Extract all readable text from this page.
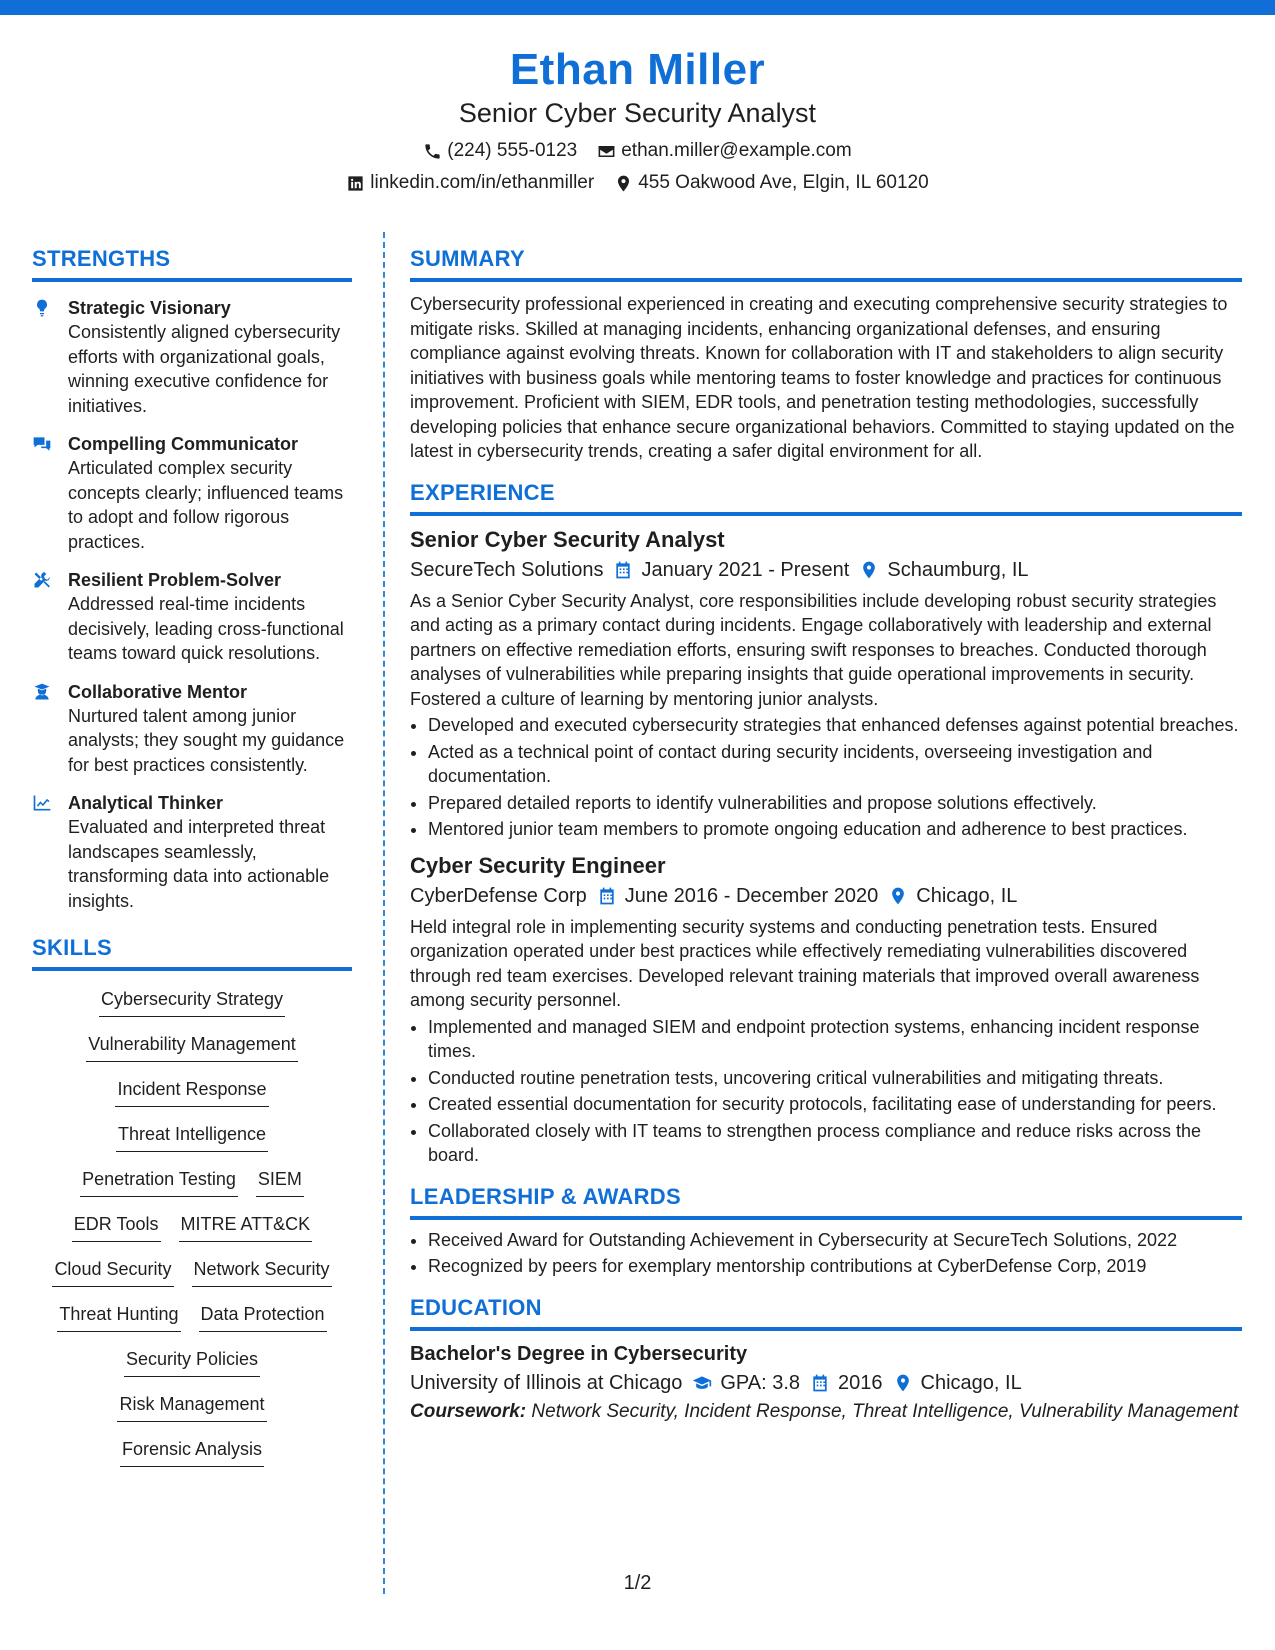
Ethan Miller
Senior Cyber Security Analyst
(224) 555-0123 ethan.miller@example.com
linkedin.com/in/ethanmiller 455 Oakwood Ave, Elgin, IL 60120
STRENGTHS
Strategic Visionary
Consistently aligned cybersecurity efforts with organizational goals, winning executive confidence for initiatives.
Compelling Communicator
Articulated complex security concepts clearly; influenced teams to adopt and follow rigorous practices.
Resilient Problem-Solver
Addressed real-time incidents decisively, leading cross-functional teams toward quick resolutions.
Collaborative Mentor
Nurtured talent among junior analysts; they sought my guidance for best practices consistently.
Analytical Thinker
Evaluated and interpreted threat landscapes seamlessly, transforming data into actionable insights.
SKILLS
Cybersecurity Strategy
Vulnerability Management
Incident Response
Threat Intelligence
Penetration Testing SIEM
EDR Tools MITRE ATT&CK
Cloud Security Network Security
Threat Hunting Data Protection
Security Policies
Risk Management
Forensic Analysis
SUMMARY
Cybersecurity professional experienced in creating and executing comprehensive security strategies to mitigate risks. Skilled at managing incidents, enhancing organizational defenses, and ensuring compliance against evolving threats. Known for collaboration with IT and stakeholders to align security initiatives with business goals while mentoring teams to foster knowledge and practices for continuous improvement. Proficient with SIEM, EDR tools, and penetration testing methodologies, successfully developing policies that enhance secure organizational behaviors. Committed to staying updated on the latest in cybersecurity trends, creating a safer digital environment for all.
EXPERIENCE
Senior Cyber Security Analyst
SecureTech Solutions January 2021 - Present Schaumburg, IL
As a Senior Cyber Security Analyst, core responsibilities include developing robust security strategies and acting as a primary contact during incidents. Engage collaboratively with leadership and external partners on effective remediation efforts, ensuring swift responses to breaches. Conducted thorough analyses of vulnerabilities while preparing insights that guide operational improvements in security. Fostered a culture of learning by mentoring junior analysts.
• Developed and executed cybersecurity strategies that enhanced defenses against potential breaches.
• Acted as a technical point of contact during security incidents, overseeing investigation and documentation.
• Prepared detailed reports to identify vulnerabilities and propose solutions effectively.
• Mentored junior team members to promote ongoing education and adherence to best practices.
Cyber Security Engineer
CyberDefense Corp June 2016 - December 2020 Chicago, IL
Held integral role in implementing security systems and conducting penetration tests. Ensured organization operated under best practices while effectively remediating vulnerabilities discovered through red team exercises. Developed relevant training materials that improved overall awareness among security personnel.
• Implemented and managed SIEM and endpoint protection systems, enhancing incident response times.
• Conducted routine penetration tests, uncovering critical vulnerabilities and mitigating threats.
• Created essential documentation for security protocols, facilitating ease of understanding for peers.
• Collaborated closely with IT teams to strengthen process compliance and reduce risks across the board.
LEADERSHIP & AWARDS
• Received Award for Outstanding Achievement in Cybersecurity at SecureTech Solutions, 2022
• Recognized by peers for exemplary mentorship contributions at CyberDefense Corp, 2019
EDUCATION
Bachelor's Degree in Cybersecurity
University of Illinois at Chicago GPA: 3.8 2016 Chicago, IL
Coursework: Network Security, Incident Response, Threat Intelligence, Vulnerability Management
1/2
